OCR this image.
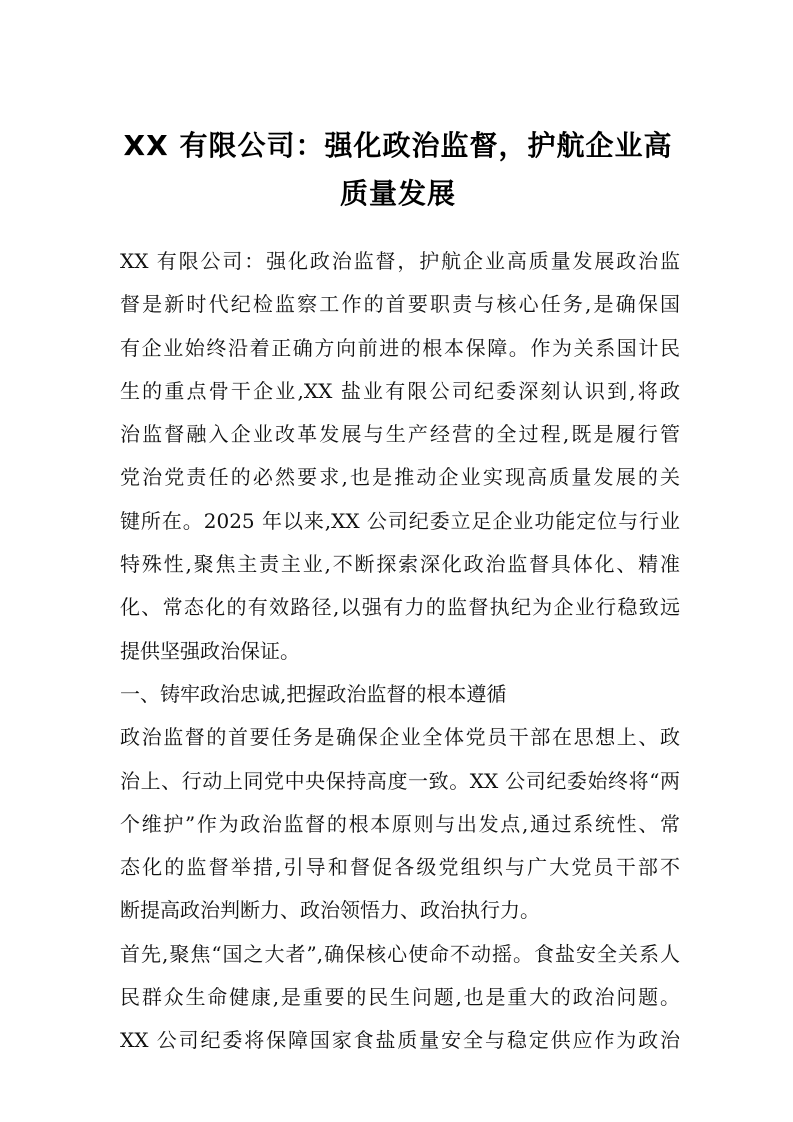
XX 有限公司：强化政治监督，护航企业高
质量发展
XX 有限公司：强化政治监督，护航企业高质量发展政治监
督是新时代纪检监察工作的首要职责与核心任务,是确保国
有企业始终沿着正确方向前进的根本保障。作为关系国计民
生的重点骨干企业,XX 盐业有限公司纪委深刻认识到,将政
治监督融入企业改革发展与生产经营的全过程,既是履行管
党治党责任的必然要求,也是推动企业实现高质量发展的关
键所在。2025 年以来,XX 公司纪委立足企业功能定位与行业
特殊性,聚焦主责主业,不断探索深化政治监督具体化、精准
化、常态化的有效路径,以强有力的监督执纪为企业行稳致远
提供坚强政治保证。
一、铸牢政治忠诚,把握政治监督的根本遵循
政治监督的首要任务是确保企业全体党员干部在思想上、政
治上、行动上同党中央保持高度一致。XX 公司纪委始终将“两
个维护”作为政治监督的根本原则与出发点,通过系统性、常
态化的监督举措,引导和督促各级党组织与广大党员干部不
断提高政治判断力、政治领悟力、政治执行力。
首先,聚焦“国之大者”,确保核心使命不动摇。食盐安全关系人
民群众生命健康,是重要的民生问题,也是重大的政治问题。
XX 公司纪委将保障国家食盐质量安全与稳定供应作为政治
